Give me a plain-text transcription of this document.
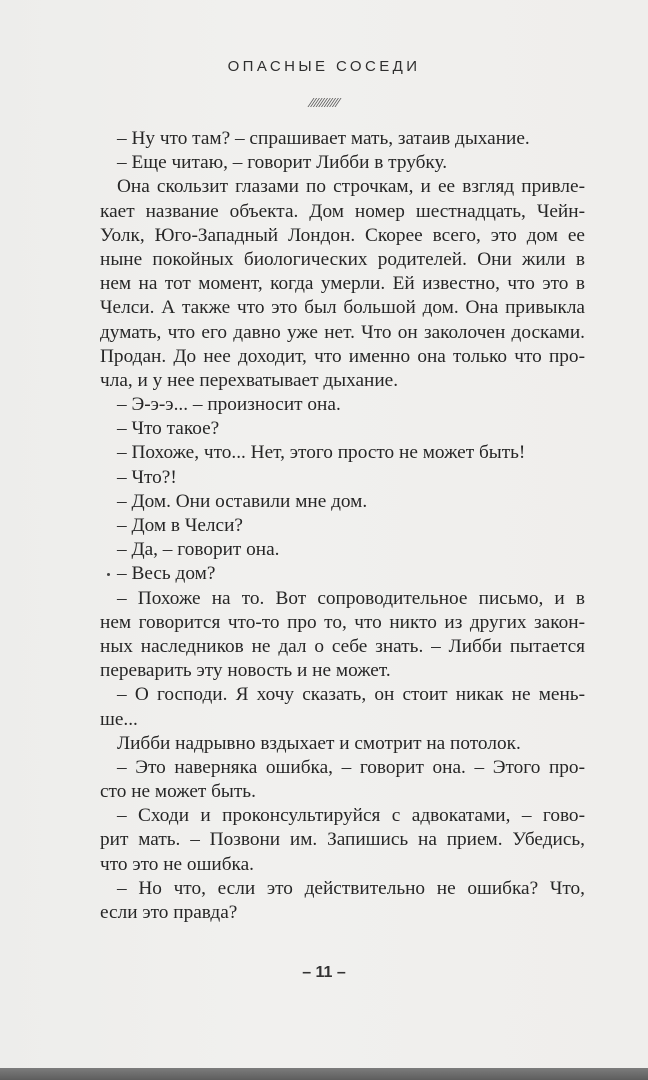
ОПАСНЫЕ СОСЕДИ
///////////
– Ну что там? – спрашивает мать, затаив дыхание.
– Еще читаю, – говорит Либби в трубку.
Она скользит глазами по строчкам, и ее взгляд привле-
кает название объекта. Дом номер шестнадцать, Чейн-
Уолк, Юго-Западный Лондон. Скорее всего, это дом ее
ныне покойных биологических родителей. Они жили в
нем на тот момент, когда умерли. Ей известно, что это в
Челси. А также что это был большой дом. Она привыкла
думать, что его давно уже нет. Что он заколочен досками.
Продан. До нее доходит, что именно она только что про-
чла, и у нее перехватывает дыхание.
– Э-э-э... – произносит она.
– Что такое?
– Похоже, что... Нет, этого просто не может быть!
– Что?!
– Дом. Они оставили мне дом.
– Дом в Челси?
– Да, – говорит она.
– Весь дом?
– Похоже на то. Вот сопроводительное письмо, и в
нем говорится что-то про то, что никто из других закон-
ных наследников не дал о себе знать. – Либби пытается
переварить эту новость и не может.
– О господи. Я хочу сказать, он стоит никак не мень-
ше...
Либби надрывно вздыхает и смотрит на потолок.
– Это наверняка ошибка, – говорит она. – Этого про-
сто не может быть.
– Сходи и проконсультируйся с адвокатами, – гово-
рит мать. – Позвони им. Запишись на прием. Убедись,
что это не ошибка.
– Но что, если это действительно не ошибка? Что,
если это правда?
– 11 –
